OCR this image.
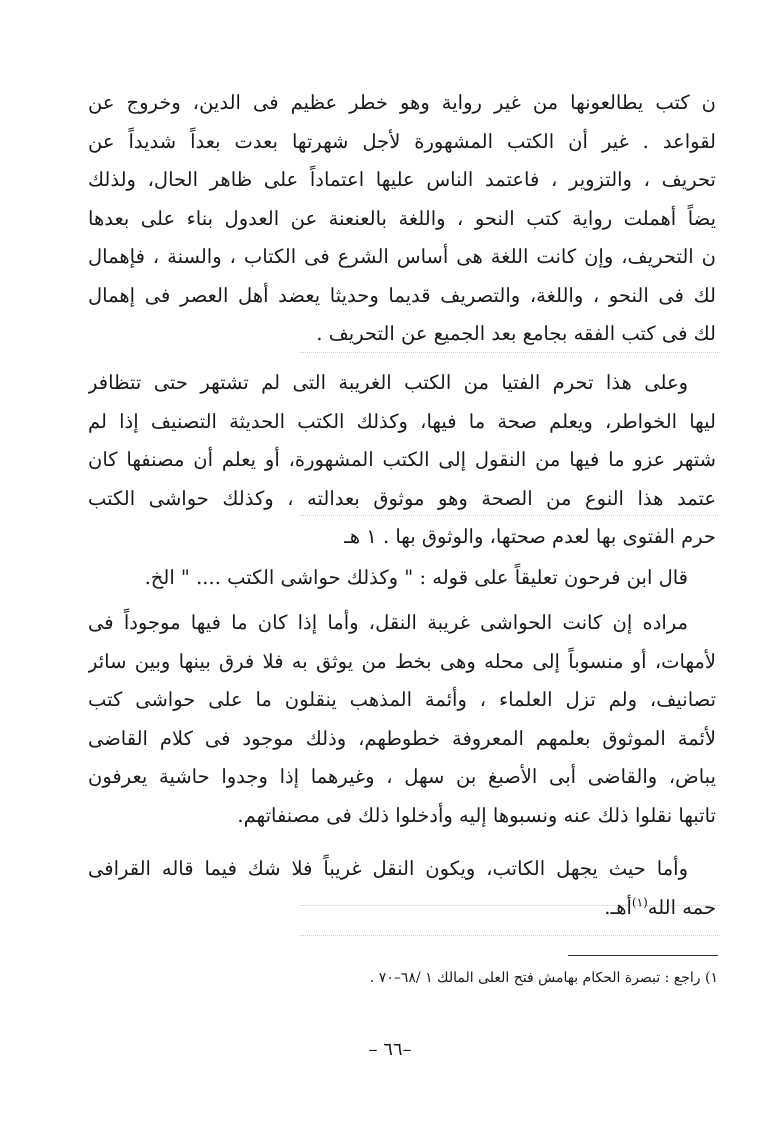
ن كتب يطالعونها من غير رواية وهو خطر عظيم فى الدين، وخروج عن
لقواعد . غير أن الكتب المشهورة لأجل شهرتها بعدت بعداً شديداً عن
تحريف ، والتزوير ، فاعتمد الناس عليها اعتماداً على ظاهر الحال، ولذلك
يضاً أهملت رواية كتب النحو ، واللغة بالعنعنة عن العدول بناء على بعدها
ن التحريف، وإن كانت اللغة هى أساس الشرع فى الكتاب ، والسنة ، فإهمال
لك فى النحو ، واللغة، والتصريف قديما وحديثا يعضد أهل العصر فى إهمال
لك فى كتب الفقه بجامع بعد الجميع عن التحريف .
وعلى هذا تحرم الفتيا من الكتب الغريبة التى لم تشتهر حتى تتظافر
ليها الخواطر، ويعلم صحة ما فيها، وكذلك الكتب الحديثة التصنيف إذا لم
شتهر عزو ما فيها من النقول إلى الكتب المشهورة، أو يعلم أن مصنفها كان
عتمد هذا النوع من الصحة وهو موثوق بعدالته ، وكذلك حواشى الكتب
حرم الفتوى بها لعدم صحتها، والوثوق بها . ١ هـ
قال ابن فرحون تعليقاً على قوله : " وكذلك حواشى الكتب .... " الخ.
مراده إن كانت الحواشى غريبة النقل، وأما إذا كان ما فيها موجوداً فى
لأمهات، أو منسوباً إلى محله وهى بخط من يوثق به فلا فرق بينها وبين سائر
تصانيف، ولم تزل العلماء ، وأئمة المذهب ينقلون ما على حواشى كتب
لأئمة الموثوق بعلمهم المعروفة خطوطهم، وذلك موجود فى كلام القاضى
يباض، والقاضى أبى الأصبغ بن سهل ، وغيرهما إذا وجدوا حاشية يعرفون
تاتبها نقلوا ذلك عنه ونسبوها إليه وأدخلوا ذلك فى مصنفاتهم.
وأما حيث يجهل الكاتب، ويكون النقل غريباً فلا شك فيما قاله القرافى
حمه الله$^{(١)}$أهـ.
١) راجع : تبصرة الحكام بهامش فتح العلى المالك ١ /٦٨–٧٠ .
–٦٦ –
